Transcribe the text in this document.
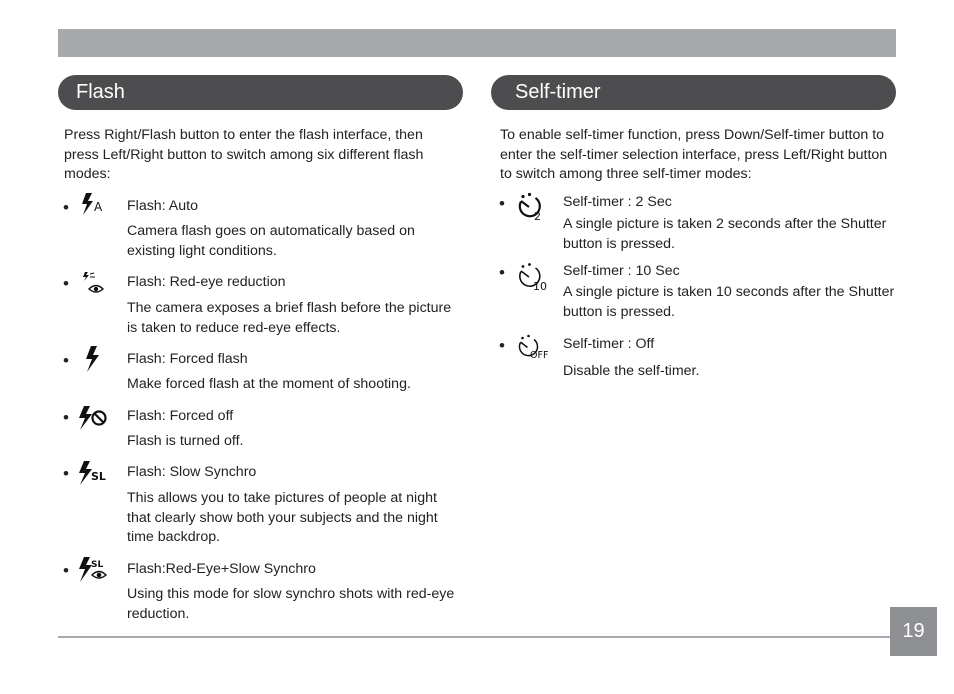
Flash
Press Right/Flash button to enter the flash interface, then press Left/Right button to switch among six different flash modes:
• A Flash: Auto
Camera flash goes on automatically based on existing light conditions.
•	Flash: Red-eye reduction
The camera exposes a brief flash before the picture is taken to reduce red-eye effects.
•	Flash: Forced flash
Make forced flash at the moment of shooting.
•	Flash: Forced off
Flash is turned off.
• SL Flash: Slow Synchro
This allows you to take pictures of people at night that clearly show both your subjects and the night time backdrop.
• SL Flash:Red-Eye+Slow Synchro
Using this mode for slow synchro shots with red-eye reduction.
Self-timer
To enable self-timer function, press Down/Self-timer button to enter the self-timer selection interface, press Left/Right button to switch among three self-timer modes:
•
2
Self-timer : 2 Sec
A single picture is taken 2 seconds after the Shutter button is pressed.
•
10
Self-timer : 10 Sec
A single picture is taken 10 seconds after the Shutter button is pressed.
•
OFF
Self-timer : Off
Disable the self-timer.
19
